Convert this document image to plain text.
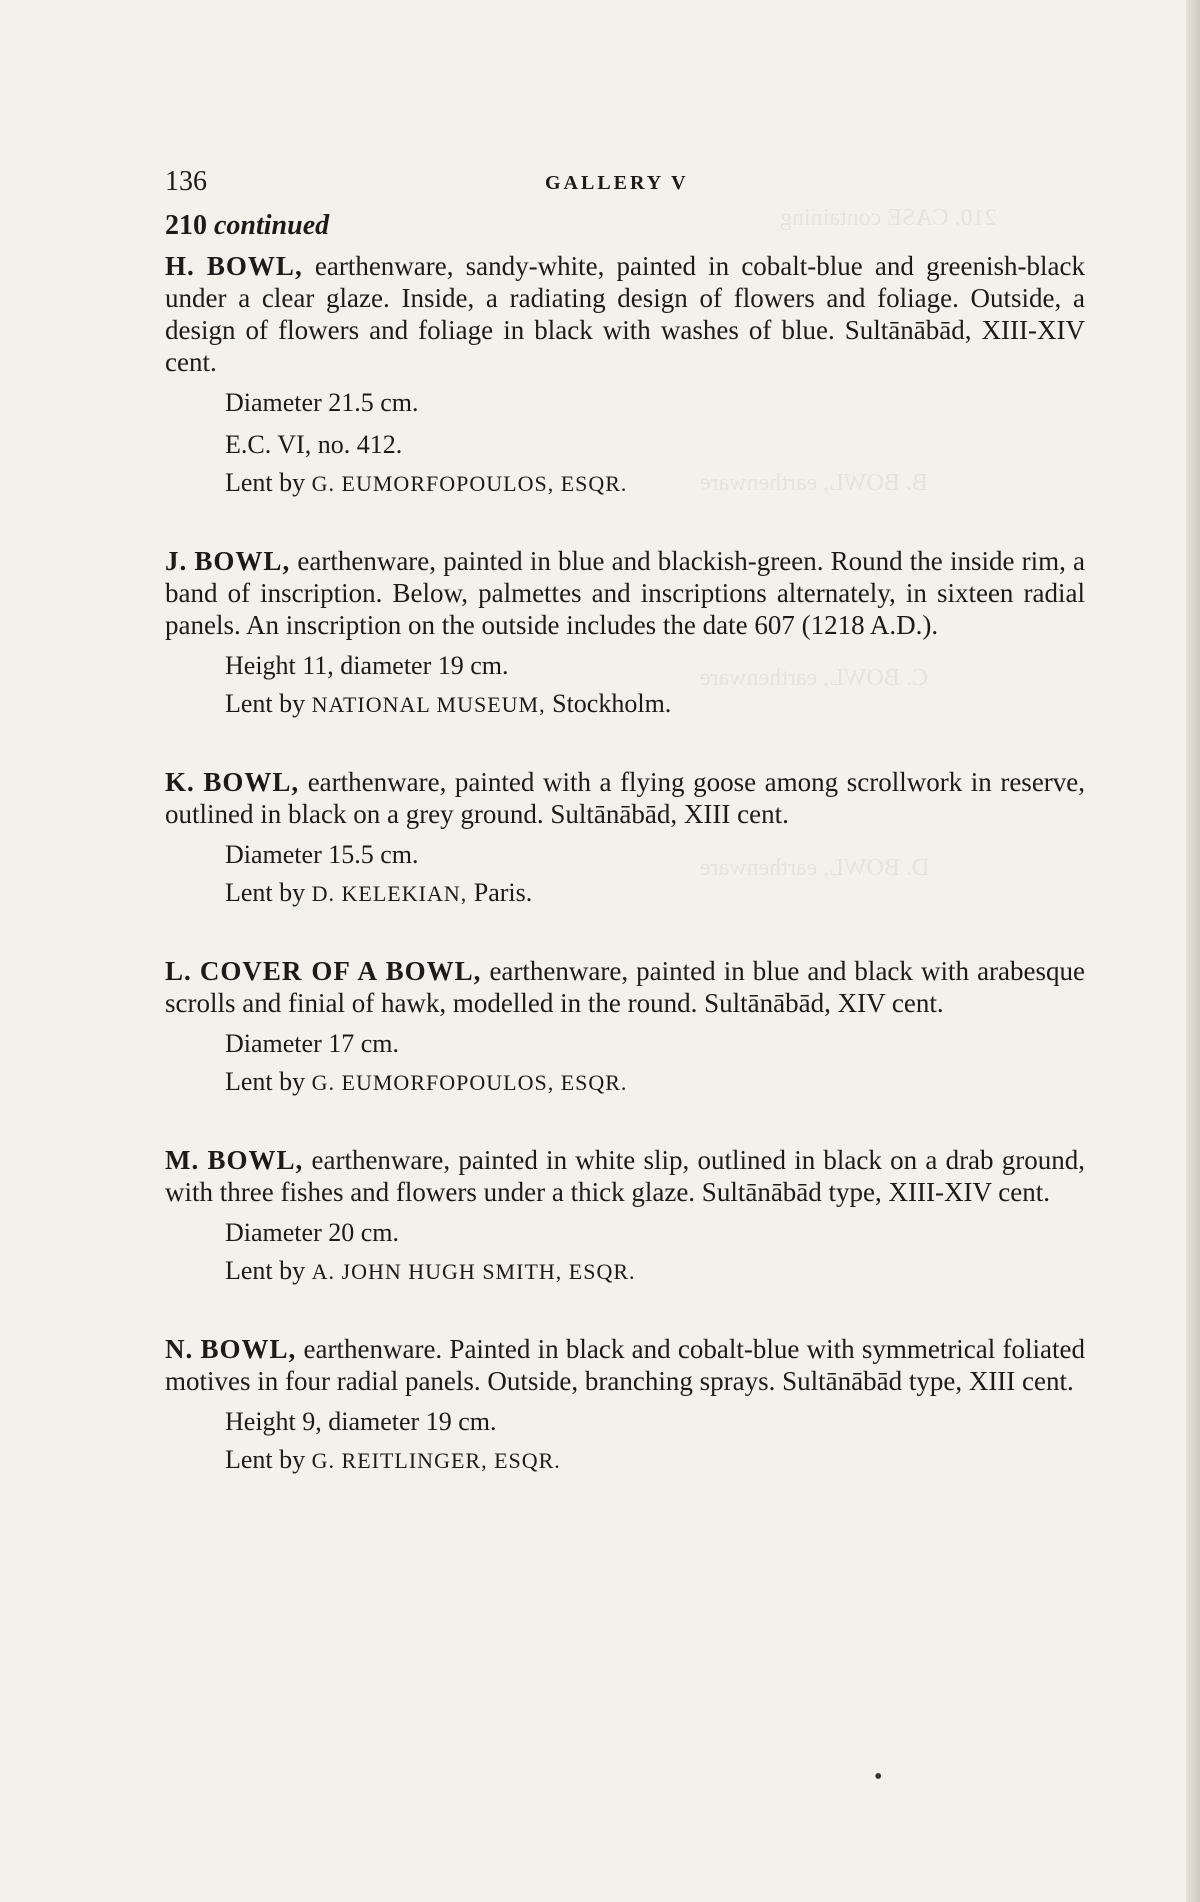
210. CASE containing
B. BOWL, earthenware
C. BOWL, earthenware
D. BOWL, earthenware
136	GALLERY V
210 continued

H. BOWL, earthenware, sandy-white, painted in cobalt-blue and greenish-black under a clear glaze. Inside, a radiating design of flowers and foliage. Outside, a design of flowers and foliage in black with washes of blue. Sultānābād, XIII-XIV cent.

Diameter 21.5 cm.
E.C. VI, no. 412.
Lent by G. EUMORFOPOULOS, ESQR.

J. BOWL, earthenware, painted in blue and blackish-green. Round the inside rim, a band of inscription. Below, palmettes and inscriptions alternately, in sixteen radial panels. An inscription on the outside includes the date 607 (1218 A.D.).

Height 11, diameter 19 cm.
Lent by NATIONAL MUSEUM, Stockholm.

K. BOWL, earthenware, painted with a flying goose among scrollwork in reserve, outlined in black on a grey ground. Sultānābād, XIII cent.

Diameter 15.5 cm.
Lent by D. KELEKIAN, Paris.

L. COVER OF A BOWL, earthenware, painted in blue and black with arabesque scrolls and finial of hawk, modelled in the round. Sultānābād, XIV cent.

Diameter 17 cm.
Lent by G. EUMORFOPOULOS, ESQR.

M. BOWL, earthenware, painted in white slip, outlined in black on a drab ground, with three fishes and flowers under a thick glaze. Sultānābād type, XIII-XIV cent.

Diameter 20 cm.
Lent by A. JOHN HUGH SMITH, ESQR.

N. BOWL, earthenware. Painted in black and cobalt-blue with symmetrical foliated motives in four radial panels. Outside, branching sprays. Sultānābād type, XIII cent.

Height 9, diameter 19 cm.
Lent by G. REITLINGER, ESQR.
•
